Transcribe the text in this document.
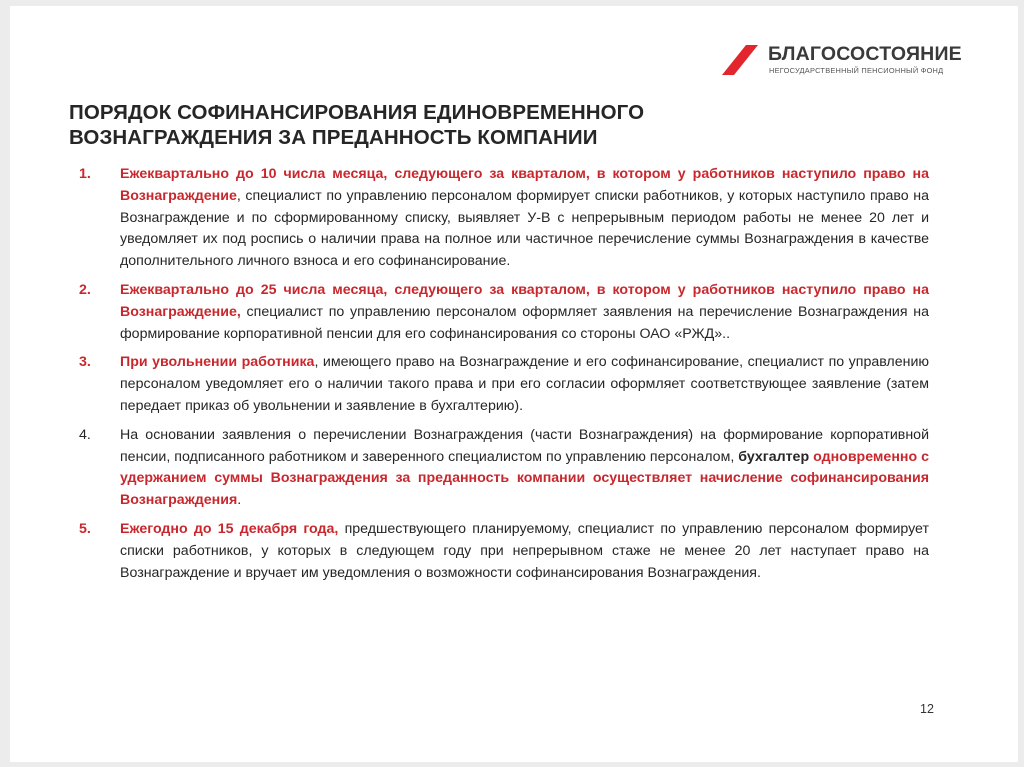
БЛАГОСОСТОЯНИЕ
НЕГОСУДАРСТВЕННЫЙ ПЕНСИОННЫЙ ФОНД
ПОРЯДОК СОФИНАНСИРОВАНИЯ ЕДИНОВРЕМЕННОГО ВОЗНАГРАЖДЕНИЯ ЗА ПРЕДАННОСТЬ КОМПАНИИ
1. Ежеквартально до 10 числа месяца, следующего за кварталом, в котором у работников наступило право на Вознаграждение, специалист по управлению персоналом формирует списки работников, у которых наступило право на Вознаграждение и по сформированному списку, выявляет У-В с непрерывным периодом работы не менее 20 лет и уведомляет их под роспись о наличии права на полное или частичное перечисление суммы Вознаграждения в качестве дополнительного личного взноса и его софинансирование.
2. Ежеквартально до 25 числа месяца, следующего за кварталом, в котором у работников наступило право на Вознаграждение, специалист по управлению персоналом оформляет заявления на перечисление Вознаграждения на формирование корпоративной пенсии для его софинансирования со стороны ОАО «РЖД»..
3. При увольнении работника, имеющего право на Вознаграждение и его софинансирование, специалист по управлению персоналом уведомляет его о наличии такого права и при его согласии оформляет соответствующее заявление (затем передает приказ об увольнении и заявление в бухгалтерию).
4. На основании заявления о перечислении Вознаграждения (части Вознаграждения) на формирование корпоративной пенсии, подписанного работником и заверенного специалистом по управлению персоналом, бухгалтер одновременно с удержанием суммы Вознаграждения за преданность компании осуществляет начисление софинансирования Вознаграждения.
5. Ежегодно до 15 декабря года, предшествующего планируемому, специалист по управлению персоналом формирует списки работников, у которых в следующем году при непрерывном стаже не менее 20 лет наступает право на Вознаграждение и вручает им уведомления о возможности софинансирования Вознаграждения.
12
